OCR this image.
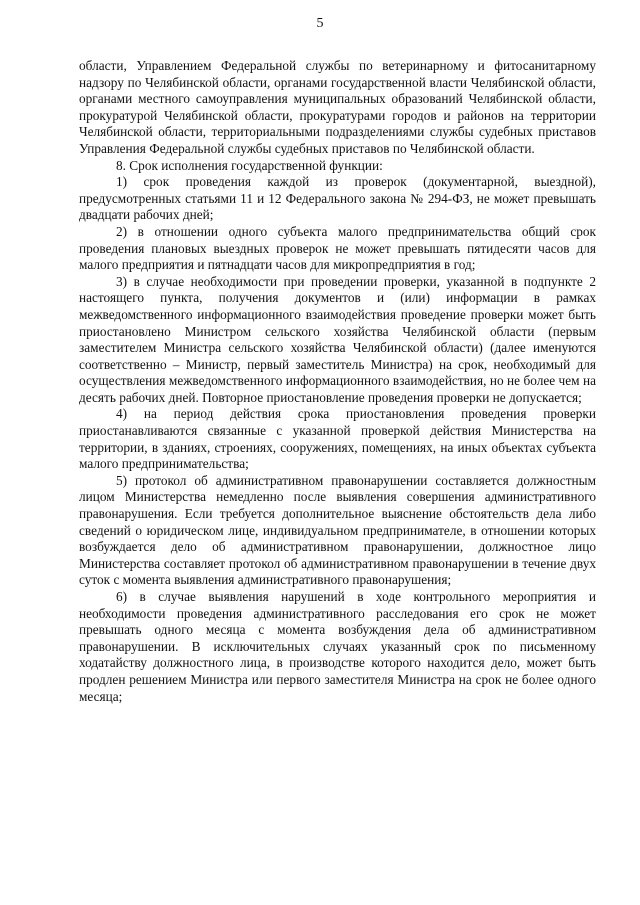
5

области, Управлением Федеральной службы по ветеринарному и фитосанитарному надзору по Челябинской области, органами государственной власти Челябинской области, органами местного самоуправления муниципальных образований Челябинской области, прокуратурой Челябинской области, прокуратурами городов и районов на территории Челябинской области, территориальными подразделениями службы судебных приставов Управления Федеральной службы судебных приставов по Челябинской области.

8. Срок исполнения государственной функции:

1) срок проведения каждой из проверок (документарной, выездной), предусмотренных статьями 11 и 12 Федерального закона № 294-ФЗ, не может превышать двадцати рабочих дней;

2) в отношении одного субъекта малого предпринимательства общий срок проведения плановых выездных проверок не может превышать пятидесяти часов для малого предприятия и пятнадцати часов для микропредприятия в год;

3) в случае необходимости при проведении проверки, указанной в подпункте 2 настоящего пункта, получения документов и (или) информации в рамках межведомственного информационного взаимодействия проведение проверки может быть приостановлено Министром сельского хозяйства Челябинской области (первым заместителем Министра сельского хозяйства Челябинской области) (далее именуются соответственно – Министр, первый заместитель Министра) на срок, необходимый для осуществления межведомственного информационного взаимодействия, но не более чем на десять рабочих дней. Повторное приостановление проведения проверки не допускается;

4) на период действия срока приостановления проведения проверки приостанавливаются связанные с указанной проверкой действия Министерства на территории, в зданиях, строениях, сооружениях, помещениях, на иных объектах субъекта малого предпринимательства;

5) протокол об административном правонарушении составляется должностным лицом Министерства немедленно после выявления совершения административного правонарушения. Если требуется дополнительное выяснение обстоятельств дела либо сведений о юридическом лице, индивидуальном предпринимателе, в отношении которых возбуждается дело об административном правонарушении, должностное лицо Министерства составляет протокол об административном правонарушении в течение двух суток с момента выявления административного правонарушения;

6) в случае выявления нарушений в ходе контрольного мероприятия и необходимости проведения административного расследования его срок не может превышать одного месяца с момента возбуждения дела об административном правонарушении. В исключительных случаях указанный срок по письменному ходатайству должностного лица, в производстве которого находится дело, может быть продлен решением Министра или первого заместителя Министра на срок не более одного месяца;
